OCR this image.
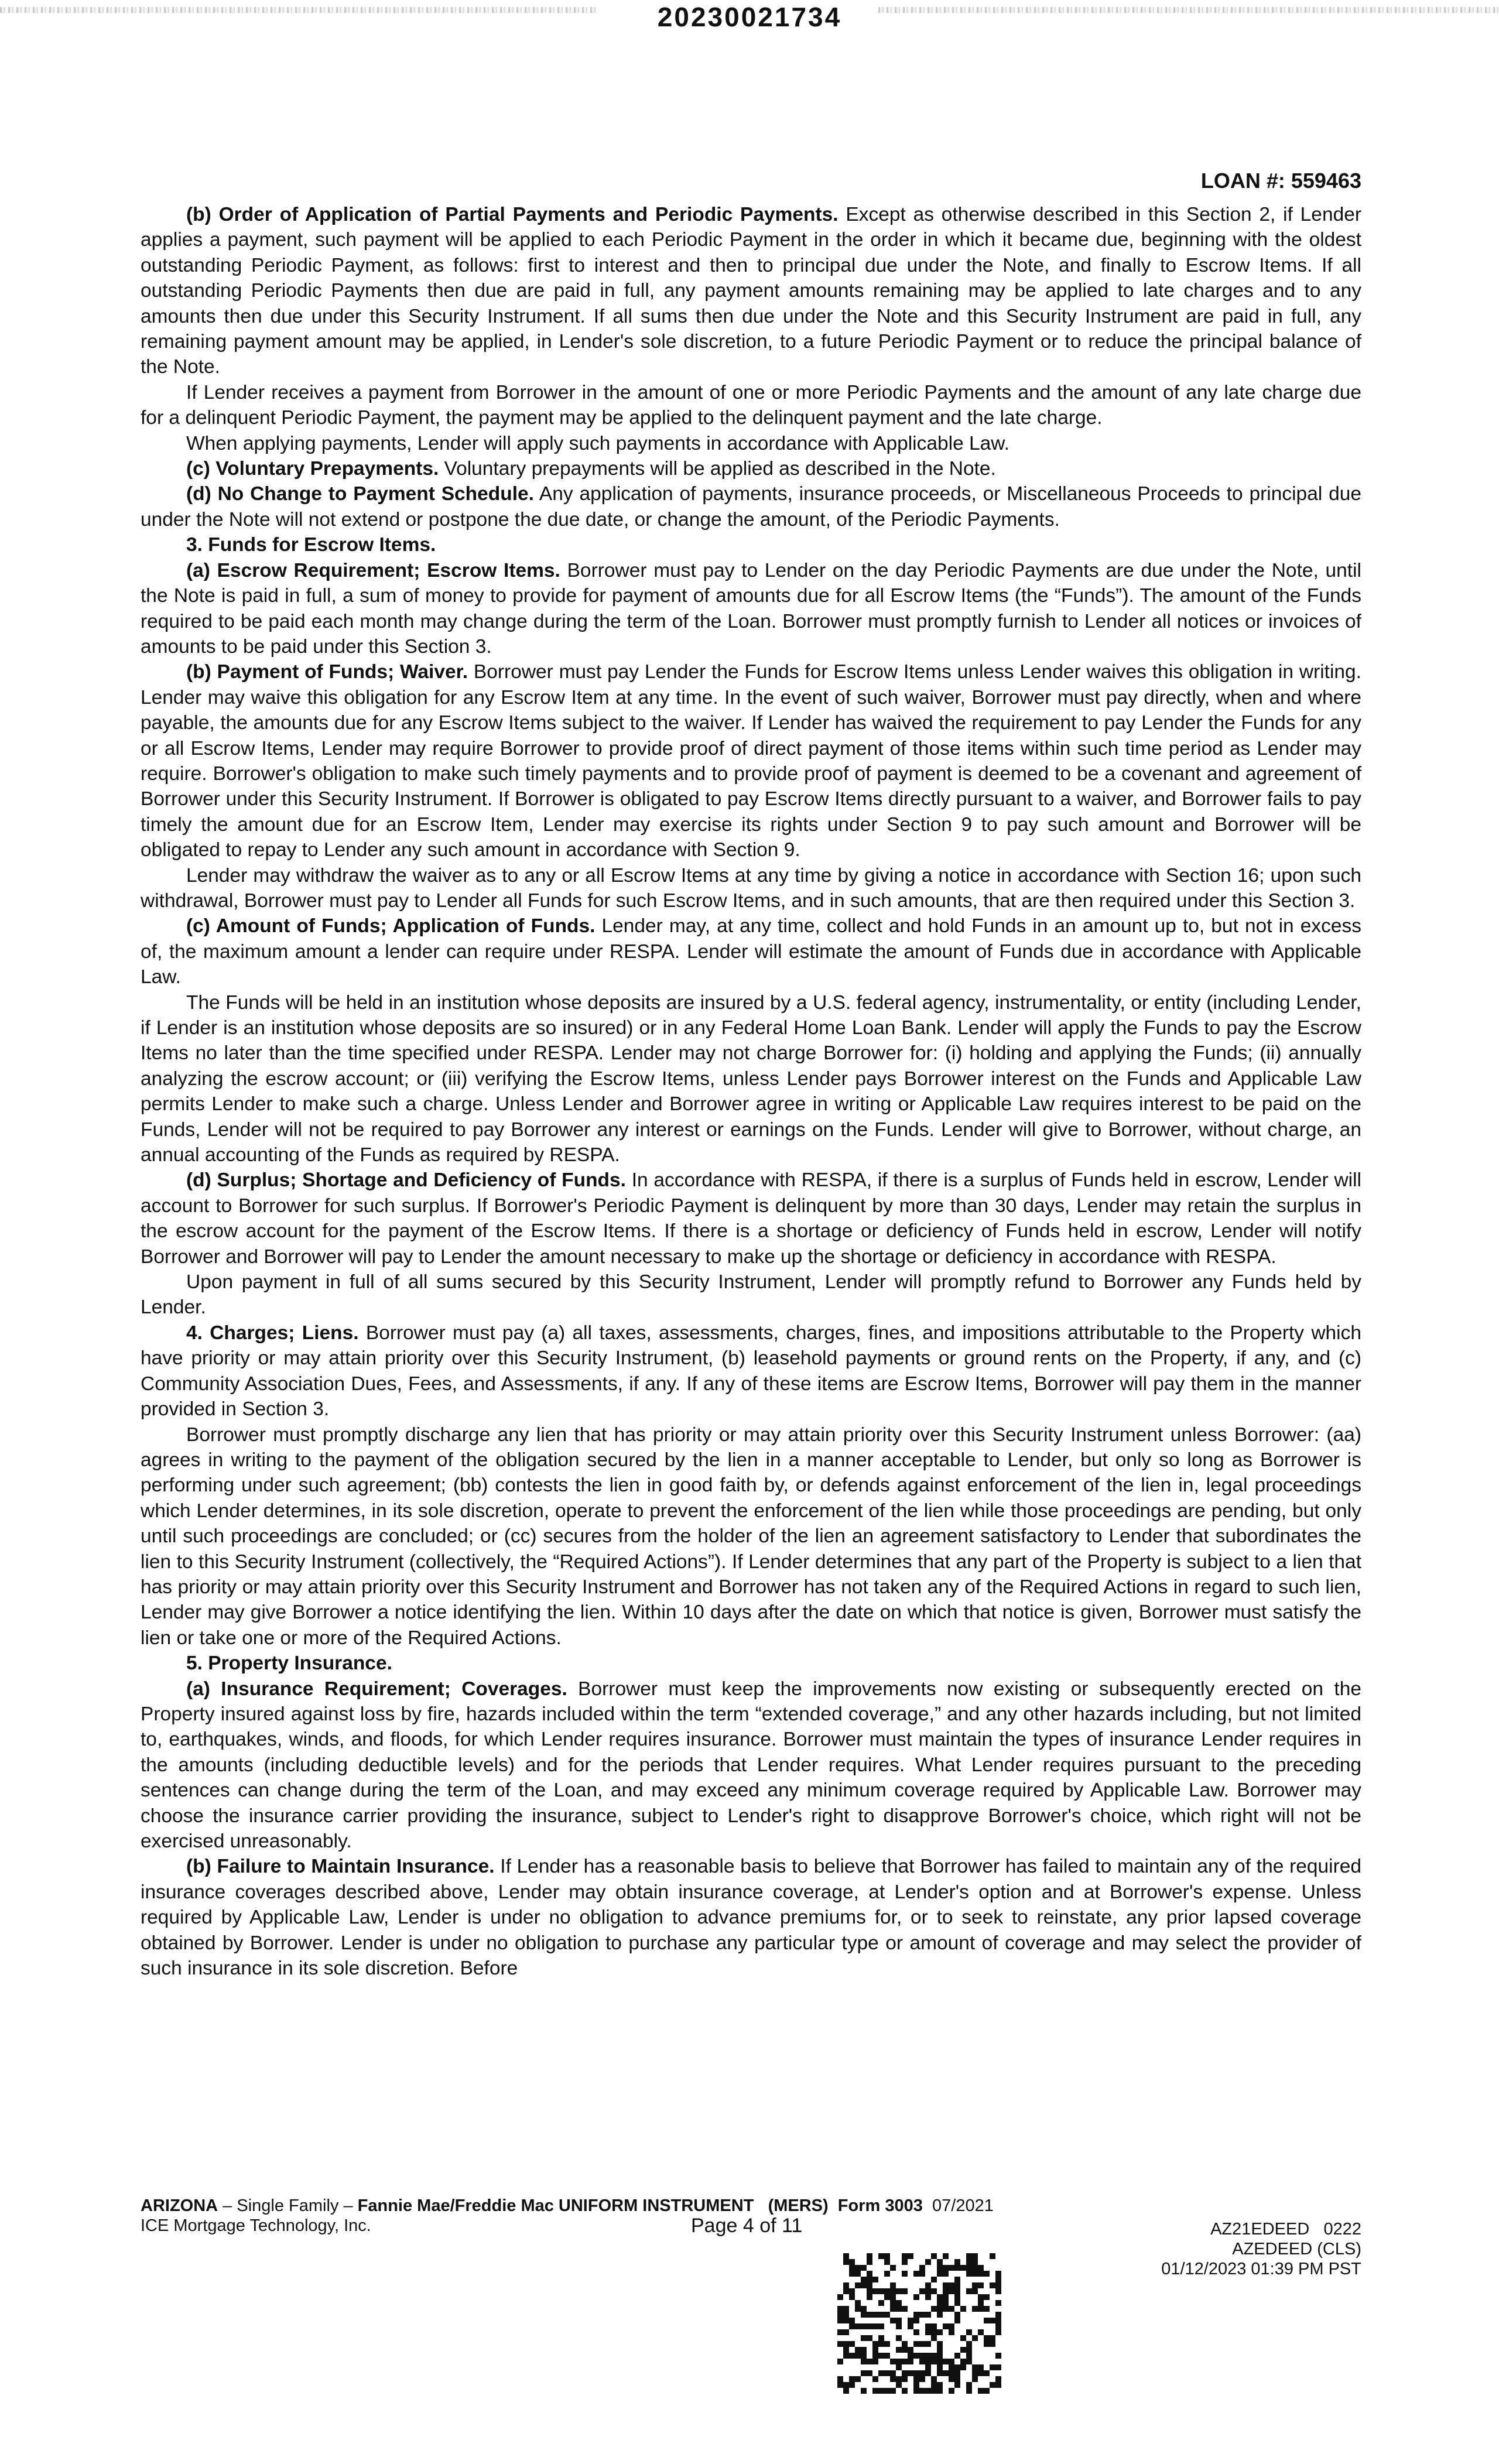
20230021734
LOAN #: 559463

(b) Order of Application of Partial Payments and Periodic Payments. Except as otherwise described in this Section 2, if Lender applies a payment, such payment will be applied to each Periodic Payment in the order in which it became due, beginning with the oldest outstanding Periodic Payment, as follows: first to interest and then to principal due under the Note, and finally to Escrow Items. If all outstanding Periodic Payments then due are paid in full, any payment amounts remaining may be applied to late charges and to any amounts then due under this Security Instrument. If all sums then due under the Note and this Security Instrument are paid in full, any remaining payment amount may be applied, in Lender's sole discretion, to a future Periodic Payment or to reduce the principal balance of the Note.

If Lender receives a payment from Borrower in the amount of one or more Periodic Payments and the amount of any late charge due for a delinquent Periodic Payment, the payment may be applied to the delinquent payment and the late charge.

When applying payments, Lender will apply such payments in accordance with Applicable Law.

(c) Voluntary Prepayments. Voluntary prepayments will be applied as described in the Note.

(d) No Change to Payment Schedule. Any application of payments, insurance proceeds, or Miscellaneous Proceeds to principal due under the Note will not extend or postpone the due date, or change the amount, of the Periodic Payments.

3. Funds for Escrow Items.

(a) Escrow Requirement; Escrow Items. Borrower must pay to Lender on the day Periodic Payments are due under the Note, until the Note is paid in full, a sum of money to provide for payment of amounts due for all Escrow Items (the “Funds”). The amount of the Funds required to be paid each month may change during the term of the Loan. Borrower must promptly furnish to Lender all notices or invoices of amounts to be paid under this Section 3.

(b) Payment of Funds; Waiver. Borrower must pay Lender the Funds for Escrow Items unless Lender waives this obligation in writing. Lender may waive this obligation for any Escrow Item at any time. In the event of such waiver, Borrower must pay directly, when and where payable, the amounts due for any Escrow Items subject to the waiver. If Lender has waived the requirement to pay Lender the Funds for any or all Escrow Items, Lender may require Borrower to provide proof of direct payment of those items within such time period as Lender may require. Borrower's obligation to make such timely payments and to provide proof of payment is deemed to be a covenant and agreement of Borrower under this Security Instrument. If Borrower is obligated to pay Escrow Items directly pursuant to a waiver, and Borrower fails to pay timely the amount due for an Escrow Item, Lender may exercise its rights under Section 9 to pay such amount and Borrower will be obligated to repay to Lender any such amount in accordance with Section 9.

Lender may withdraw the waiver as to any or all Escrow Items at any time by giving a notice in accordance with Section 16; upon such withdrawal, Borrower must pay to Lender all Funds for such Escrow Items, and in such amounts, that are then required under this Section 3.

(c) Amount of Funds; Application of Funds. Lender may, at any time, collect and hold Funds in an amount up to, but not in excess of, the maximum amount a lender can require under RESPA. Lender will estimate the amount of Funds due in accordance with Applicable Law.

The Funds will be held in an institution whose deposits are insured by a U.S. federal agency, instrumentality, or entity (including Lender, if Lender is an institution whose deposits are so insured) or in any Federal Home Loan Bank. Lender will apply the Funds to pay the Escrow Items no later than the time specified under RESPA. Lender may not charge Borrower for: (i) holding and applying the Funds; (ii) annually analyzing the escrow account; or (iii) verifying the Escrow Items, unless Lender pays Borrower interest on the Funds and Applicable Law permits Lender to make such a charge. Unless Lender and Borrower agree in writing or Applicable Law requires interest to be paid on the Funds, Lender will not be required to pay Borrower any interest or earnings on the Funds. Lender will give to Borrower, without charge, an annual accounting of the Funds as required by RESPA.

(d) Surplus; Shortage and Deficiency of Funds. In accordance with RESPA, if there is a surplus of Funds held in escrow, Lender will account to Borrower for such surplus. If Borrower's Periodic Payment is delinquent by more than 30 days, Lender may retain the surplus in the escrow account for the payment of the Escrow Items. If there is a shortage or deficiency of Funds held in escrow, Lender will notify Borrower and Borrower will pay to Lender the amount necessary to make up the shortage or deficiency in accordance with RESPA.

Upon payment in full of all sums secured by this Security Instrument, Lender will promptly refund to Borrower any Funds held by Lender.

4. Charges; Liens. Borrower must pay (a) all taxes, assessments, charges, fines, and impositions attributable to the Property which have priority or may attain priority over this Security Instrument, (b) leasehold payments or ground rents on the Property, if any, and (c) Community Association Dues, Fees, and Assessments, if any. If any of these items are Escrow Items, Borrower will pay them in the manner provided in Section 3.

Borrower must promptly discharge any lien that has priority or may attain priority over this Security Instrument unless Borrower: (aa) agrees in writing to the payment of the obligation secured by the lien in a manner acceptable to Lender, but only so long as Borrower is performing under such agreement; (bb) contests the lien in good faith by, or defends against enforcement of the lien in, legal proceedings which Lender determines, in its sole discretion, operate to prevent the enforcement of the lien while those proceedings are pending, but only until such proceedings are concluded; or (cc) secures from the holder of the lien an agreement satisfactory to Lender that subordinates the lien to this Security Instrument (collectively, the “Required Actions”). If Lender determines that any part of the Property is subject to a lien that has priority or may attain priority over this Security Instrument and Borrower has not taken any of the Required Actions in regard to such lien, Lender may give Borrower a notice identifying the lien. Within 10 days after the date on which that notice is given, Borrower must satisfy the lien or take one or more of the Required Actions.

5. Property Insurance.

(a) Insurance Requirement; Coverages. Borrower must keep the improvements now existing or subsequently erected on the Property insured against loss by fire, hazards included within the term “extended coverage,” and any other hazards including, but not limited to, earthquakes, winds, and floods, for which Lender requires insurance. Borrower must maintain the types of insurance Lender requires in the amounts (including deductible levels) and for the periods that Lender requires. What Lender requires pursuant to the preceding sentences can change during the term of the Loan, and may exceed any minimum coverage required by Applicable Law. Borrower may choose the insurance carrier providing the insurance, subject to Lender's right to disapprove Borrower's choice, which right will not be exercised unreasonably.

(b) Failure to Maintain Insurance. If Lender has a reasonable basis to believe that Borrower has failed to maintain any of the required insurance coverages described above, Lender may obtain insurance coverage, at Lender's option and at Borrower's expense. Unless required by Applicable Law, Lender is under no obligation to advance premiums for, or to seek to reinstate, any prior lapsed coverage obtained by Borrower. Lender is under no obligation to purchase any particular type or amount of coverage and may select the provider of such insurance in its sole discretion. Before

ARIZONA – Single Family – Fannie Mae/Freddie Mac UNIFORM INSTRUMENT (MERS) Form 3003 07/2021
ICE Mortgage Technology, Inc.	Page 4 of 11	AZ21EDEED 0222
AZEDEED (CLS)
01/12/2023 01:39 PM PST
